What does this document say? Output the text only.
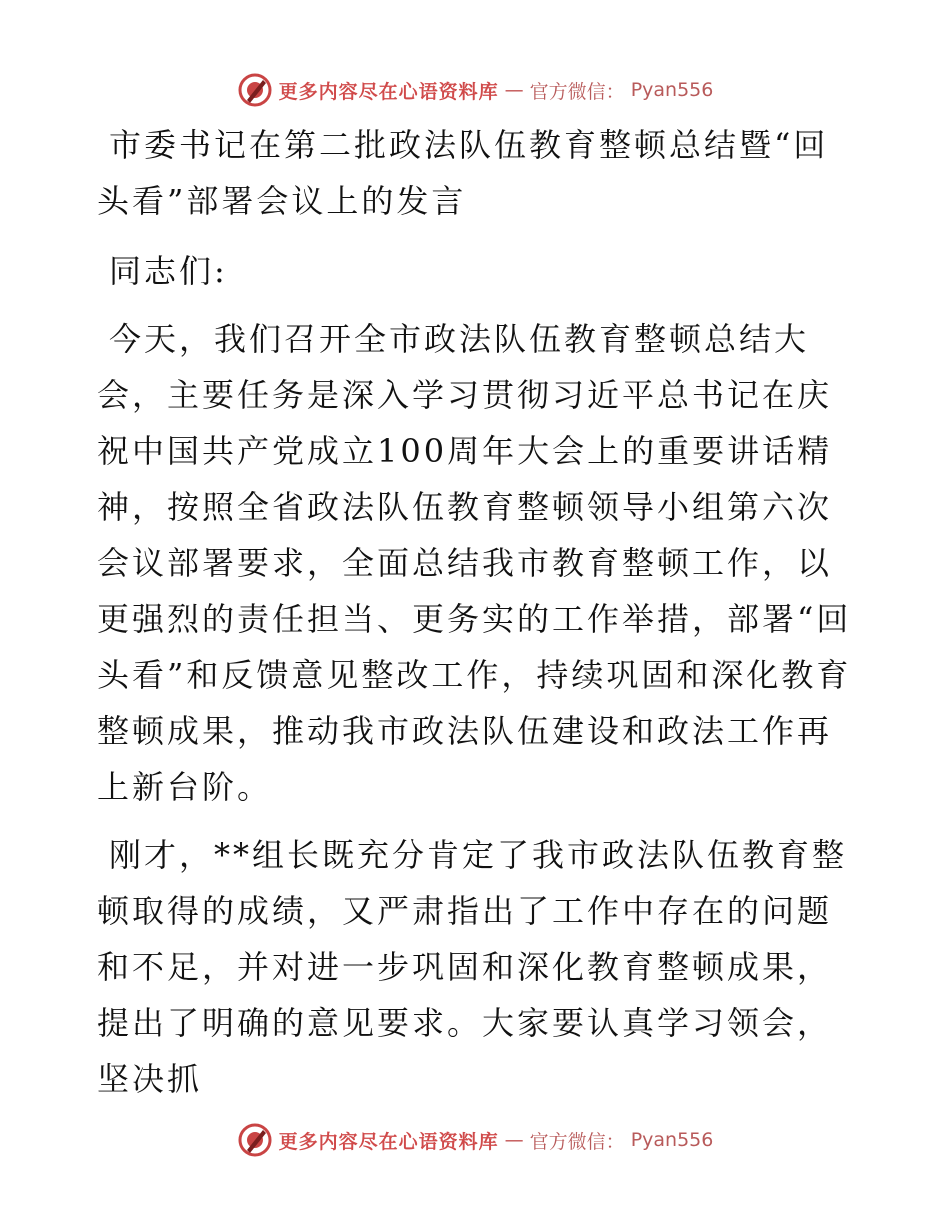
更多内容尽在心语资料库 — 官方微信： Pyan556
市委书记在第二批政法队伍教育整顿总结暨“回头看”部署会议上的发言

同志们:

今天，我们召开全市政法队伍教育整顿总结大会，主要任务是深入学习贯彻习近平总书记在庆祝中国共产党成立100周年大会上的重要讲话精神，按照全省政法队伍教育整顿领导小组第六次会议部署要求，全面总结我市教育整顿工作，以更强烈的责任担当、更务实的工作举措，部署“回头看”和反馈意见整改工作，持续巩固和深化教育整顿成果，推动我市政法队伍建设和政法工作再上新台阶。

刚才，**组长既充分肯定了我市政法队伍教育整顿取得的成绩，又严肃指出了工作中存在的问题和不足，并对进一步巩固和深化教育整顿成果，提出了明确的意见要求。大家要认真学习领会，坚决抓

更多内容尽在心语资料库 — 官方微信： Pyan556
